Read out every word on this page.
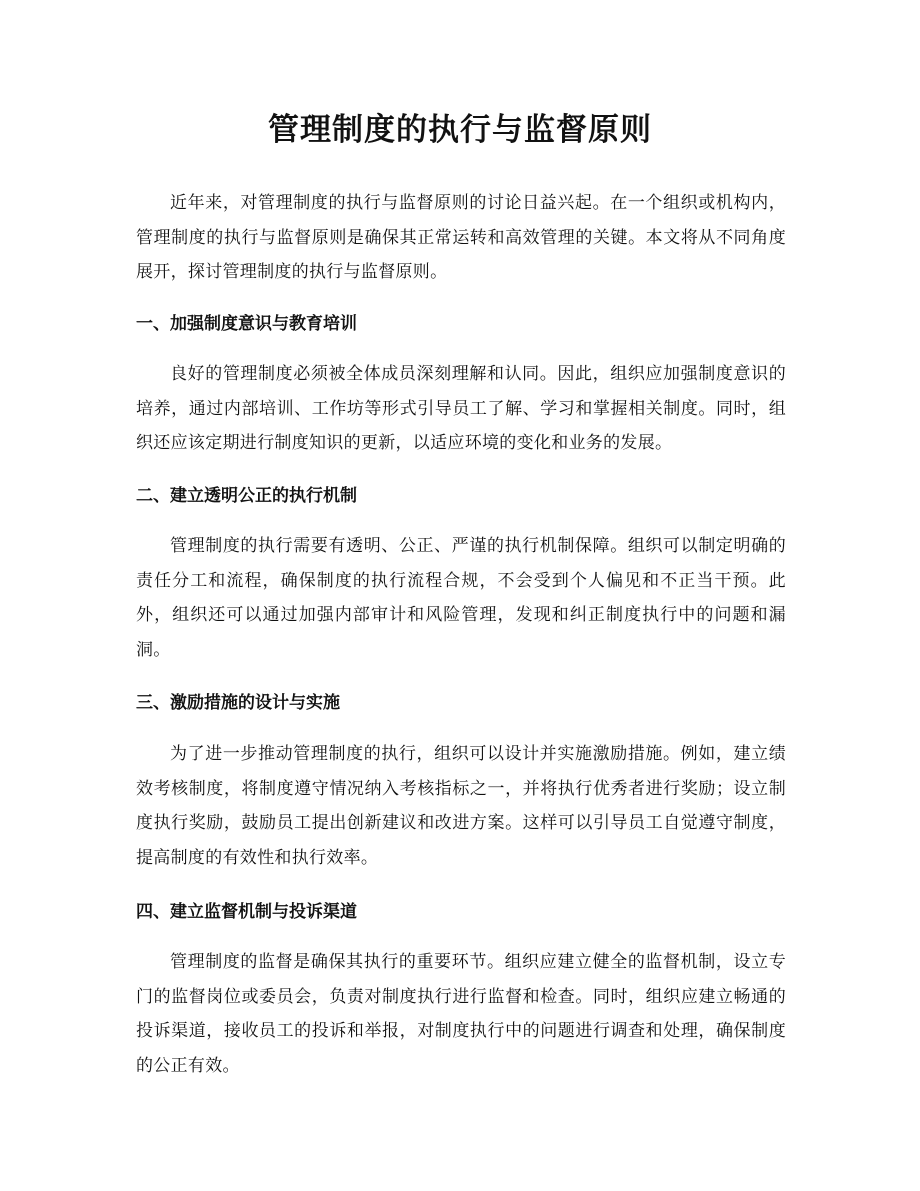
管理制度的执行与监督原则

近年来，对管理制度的执行与监督原则的讨论日益兴起。在一个组织或机构内，管理制度的执行与监督原则是确保其正常运转和高效管理的关键。本文将从不同角度展开，探讨管理制度的执行与监督原则。

一、加强制度意识与教育培训

良好的管理制度必须被全体成员深刻理解和认同。因此，组织应加强制度意识的培养，通过内部培训、工作坊等形式引导员工了解、学习和掌握相关制度。同时，组织还应该定期进行制度知识的更新，以适应环境的变化和业务的发展。

二、建立透明公正的执行机制

管理制度的执行需要有透明、公正、严谨的执行机制保障。组织可以制定明确的责任分工和流程，确保制度的执行流程合规，不会受到个人偏见和不正当干预。此外，组织还可以通过加强内部审计和风险管理，发现和纠正制度执行中的问题和漏洞。

三、激励措施的设计与实施

为了进一步推动管理制度的执行，组织可以设计并实施激励措施。例如，建立绩效考核制度，将制度遵守情况纳入考核指标之一，并将执行优秀者进行奖励；设立制度执行奖励，鼓励员工提出创新建议和改进方案。这样可以引导员工自觉遵守制度，提高制度的有效性和执行效率。

四、建立监督机制与投诉渠道

管理制度的监督是确保其执行的重要环节。组织应建立健全的监督机制，设立专门的监督岗位或委员会，负责对制度执行进行监督和检查。同时，组织应建立畅通的投诉渠道，接收员工的投诉和举报，对制度执行中的问题进行调查和处理，确保制度的公正有效。
